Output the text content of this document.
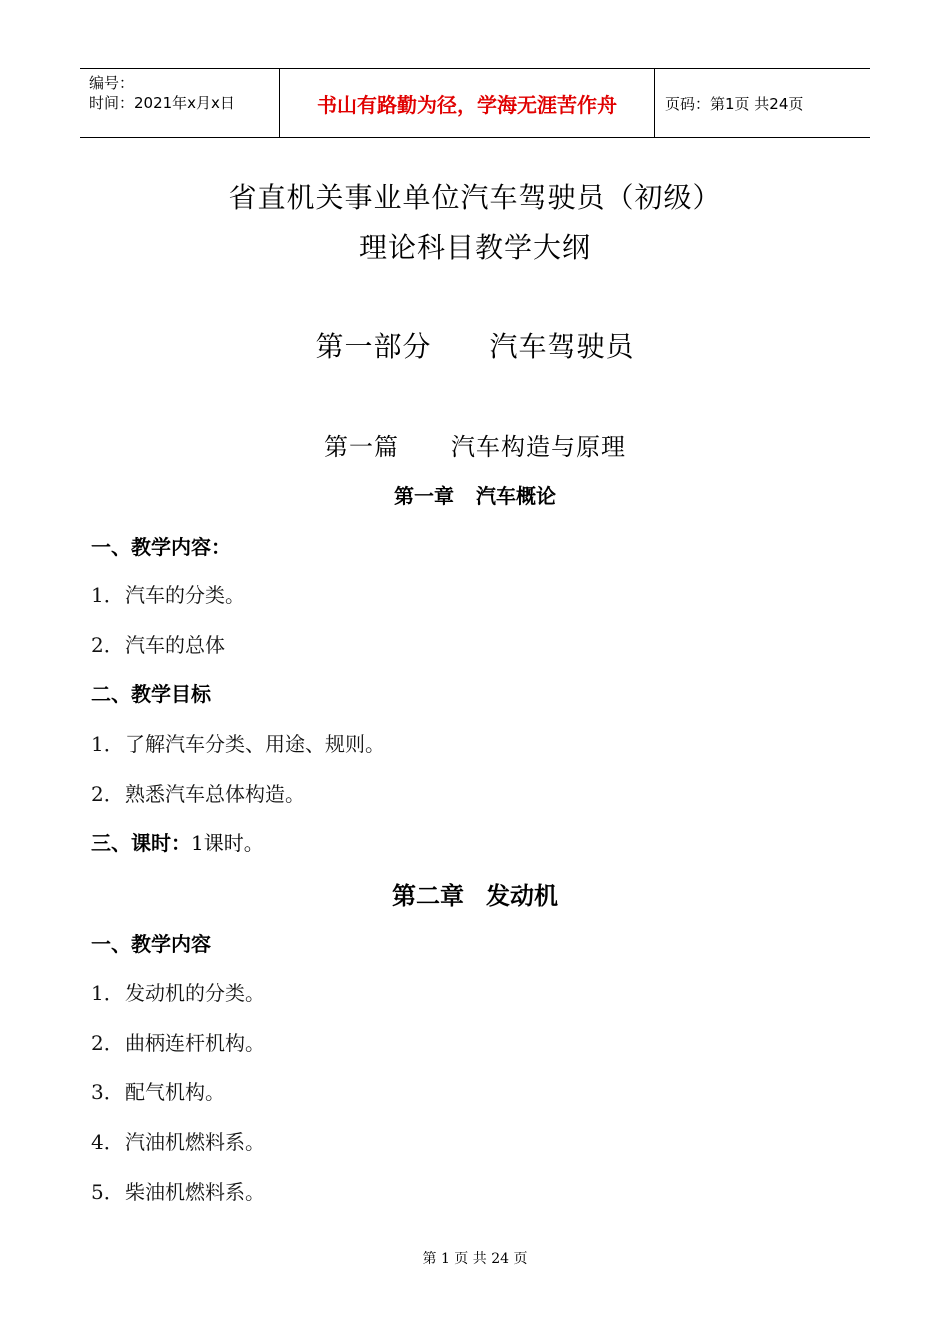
编号：
时间：2021年x月x日	书山有路勤为径，学海无涯苦作舟	页码：第1页 共24页
省直机关事业单位汽车驾驶员（初级）
理论科目教学大纲
第一部分 汽车驾驶员
第一篇 汽车构造与原理
第一章 汽车概论
一、教学内容：
1．汽车的分类。
2．汽车的总体
二、教学目标
1．了解汽车分类、用途、规则。
2．熟悉汽车总体构造。
三、课时：1课时。
第二章 发动机
一、教学内容
1．发动机的分类。
2．曲柄连杆机构。
3．配气机构。
4．汽油机燃料系。
5．柴油机燃料系。
第 1 页 共 24 页
